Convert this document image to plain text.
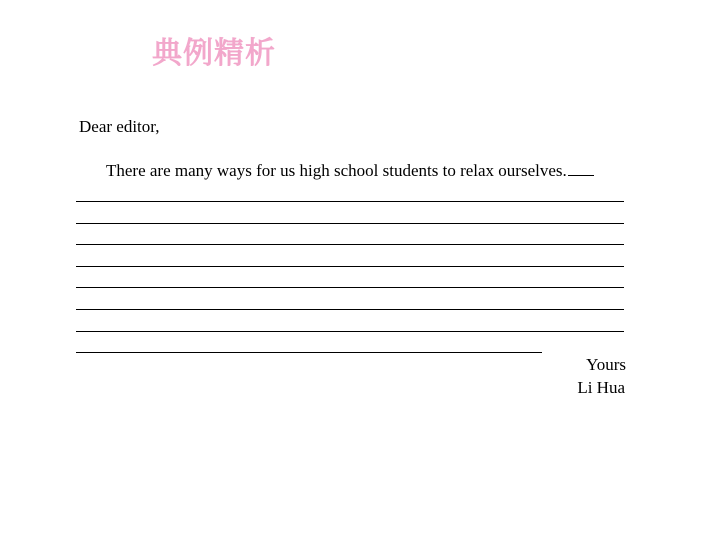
典例精析
Dear editor,
There are many ways for us high school students to relax ourselves.
Yours
Li Hua
